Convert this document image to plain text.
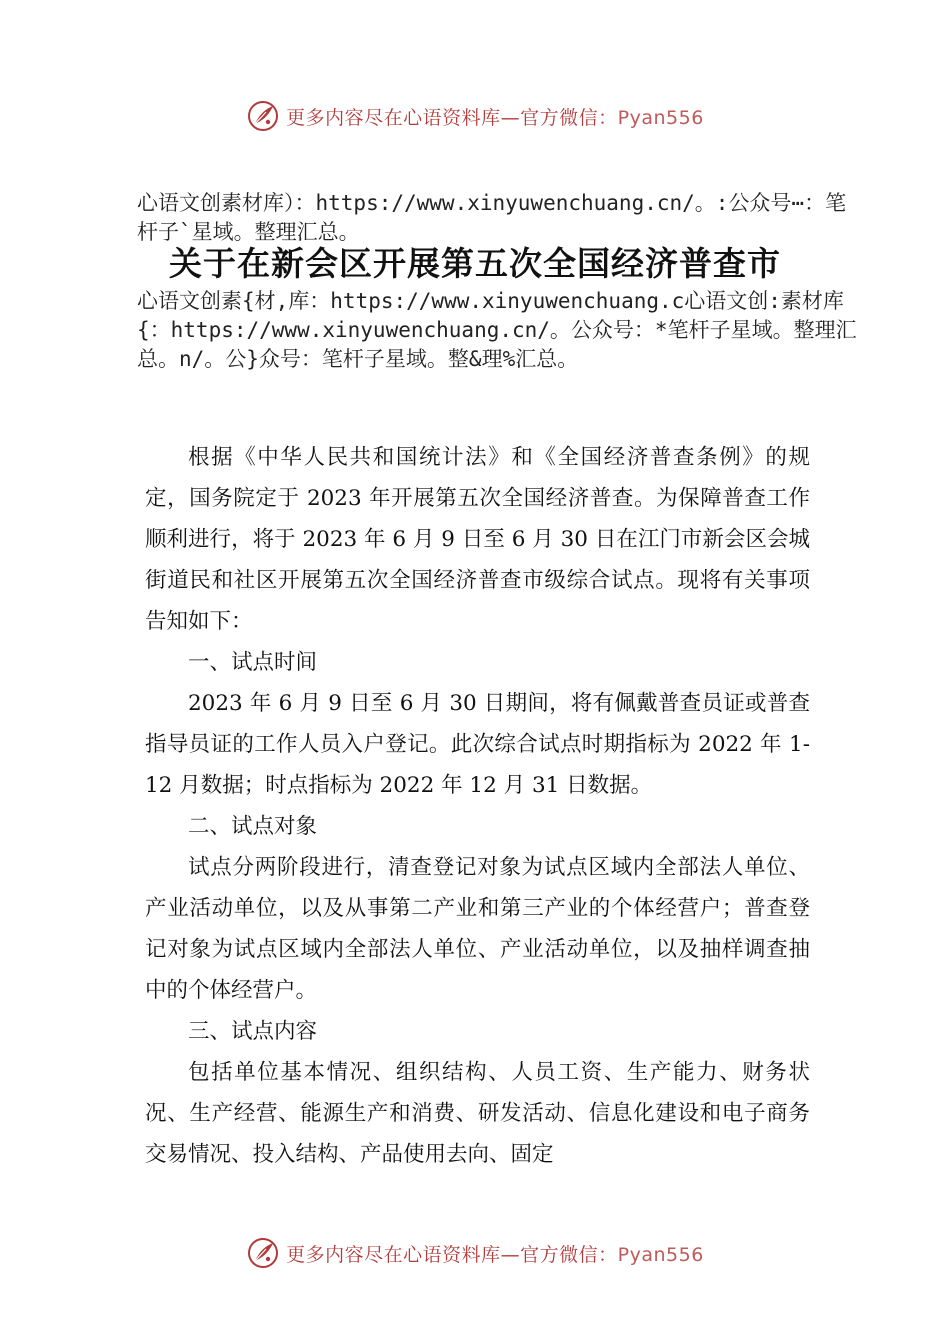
更多内容尽在心语资料库—官方微信：Pyan556
心语文创素材库）：https://www.xinyuwenchuang.cn/。:公众号⋯：笔杆子`星域。整理汇总。
关于在新会区开展第五次全国经济普查市
心语文创素{材,库：https://www.xinyuwenchuang.c心语文创:素材库{：https://www.xinyuwenchuang.cn/。公众号：*笔杆子星域。整理汇总。n/。公}众号：笔杆子星域。整&理%汇总。

根据《中华人民共和国统计法》和《全国经济普查条例》的规定，国务院定于 2023 年开展第五次全国经济普查。为保障普查工作顺利进行，将于 2023 年 6 月 9 日至 6 月 30 日在江门市新会区会城街道民和社区开展第五次全国经济普查市级综合试点。现将有关事项告知如下：

一、试点时间

2023 年 6 月 9 日至 6 月 30 日期间，将有佩戴普查员证或普查指导员证的工作人员入户登记。此次综合试点时期指标为 2022 年 1-12 月数据；时点指标为 2022 年 12 月 31 日数据。

二、试点对象

试点分两阶段进行，清查登记对象为试点区域内全部法人单位、产业活动单位，以及从事第二产业和第三产业的个体经营户；普查登记对象为试点区域内全部法人单位、产业活动单位，以及抽样调查抽中的个体经营户。

三、试点内容

包括单位基本情况、组织结构、人员工资、生产能力、财务状况、生产经营、能源生产和消费、研发活动、信息化建设和电子商务交易情况、投入结构、产品使用去向、固定

更多内容尽在心语资料库—官方微信：Pyan556
